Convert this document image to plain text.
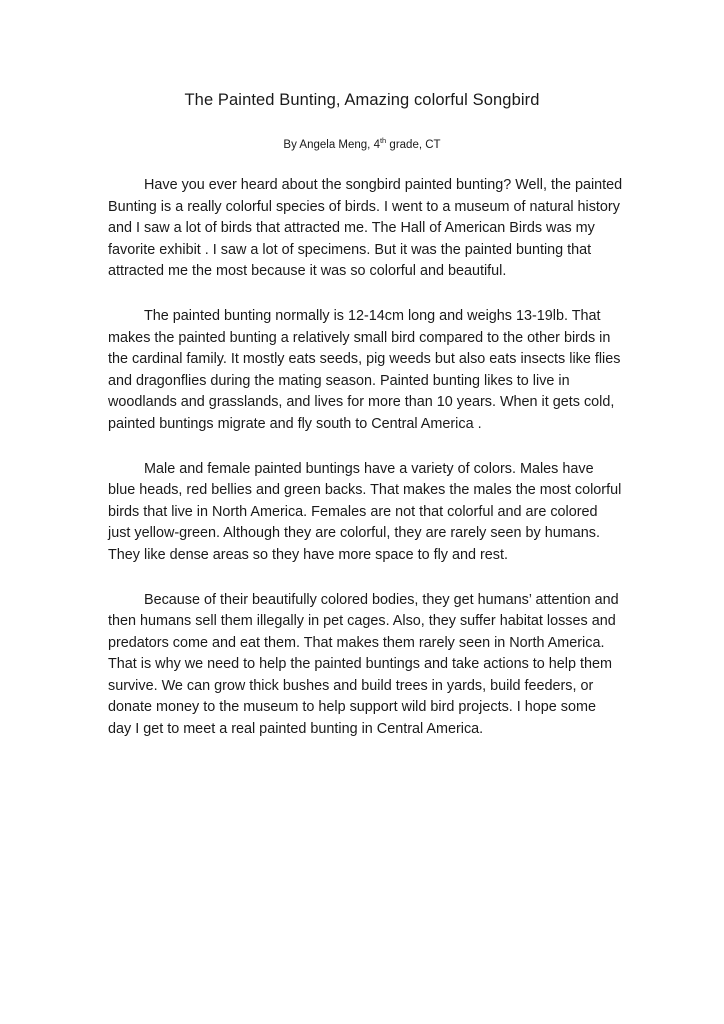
The Painted Bunting, Amazing colorful Songbird

By Angela Meng, 4th grade, CT

Have you ever heard about the songbird painted bunting? Well, the painted Bunting is a really colorful species of birds. I went to a museum of natural history and I saw a lot of birds that attracted me. The Hall of American Birds was my favorite exhibit . I saw a lot of specimens. But it was the painted bunting that attracted me the most because it was so colorful and beautiful.

The painted bunting normally is 12-14cm long and weighs 13-19lb. That makes the painted bunting a relatively small bird compared to the other birds in the cardinal family. It mostly eats seeds, pig weeds but also eats insects like flies and dragonflies during the mating season. Painted bunting likes to live in woodlands and grasslands, and lives for more than 10 years. When it gets cold, painted buntings migrate and fly south to Central America .

Male and female painted buntings have a variety of colors. Males have blue heads, red bellies and green backs. That makes the males the most colorful birds that live in North America. Females are not that colorful and are colored just yellow-green. Although they are colorful, they are rarely seen by humans. They like dense areas so they have more space to fly and rest.

Because of their beautifully colored bodies, they get humans’ attention and then humans sell them illegally in pet cages. Also, they suffer habitat losses and predators come and eat them. That makes them rarely seen in North America. That is why we need to help the painted buntings and take actions to help them survive. We can grow thick bushes and build trees in yards, build feeders, or donate money to the museum to help support wild bird projects. I hope some day I get to meet a real painted bunting in Central America.
